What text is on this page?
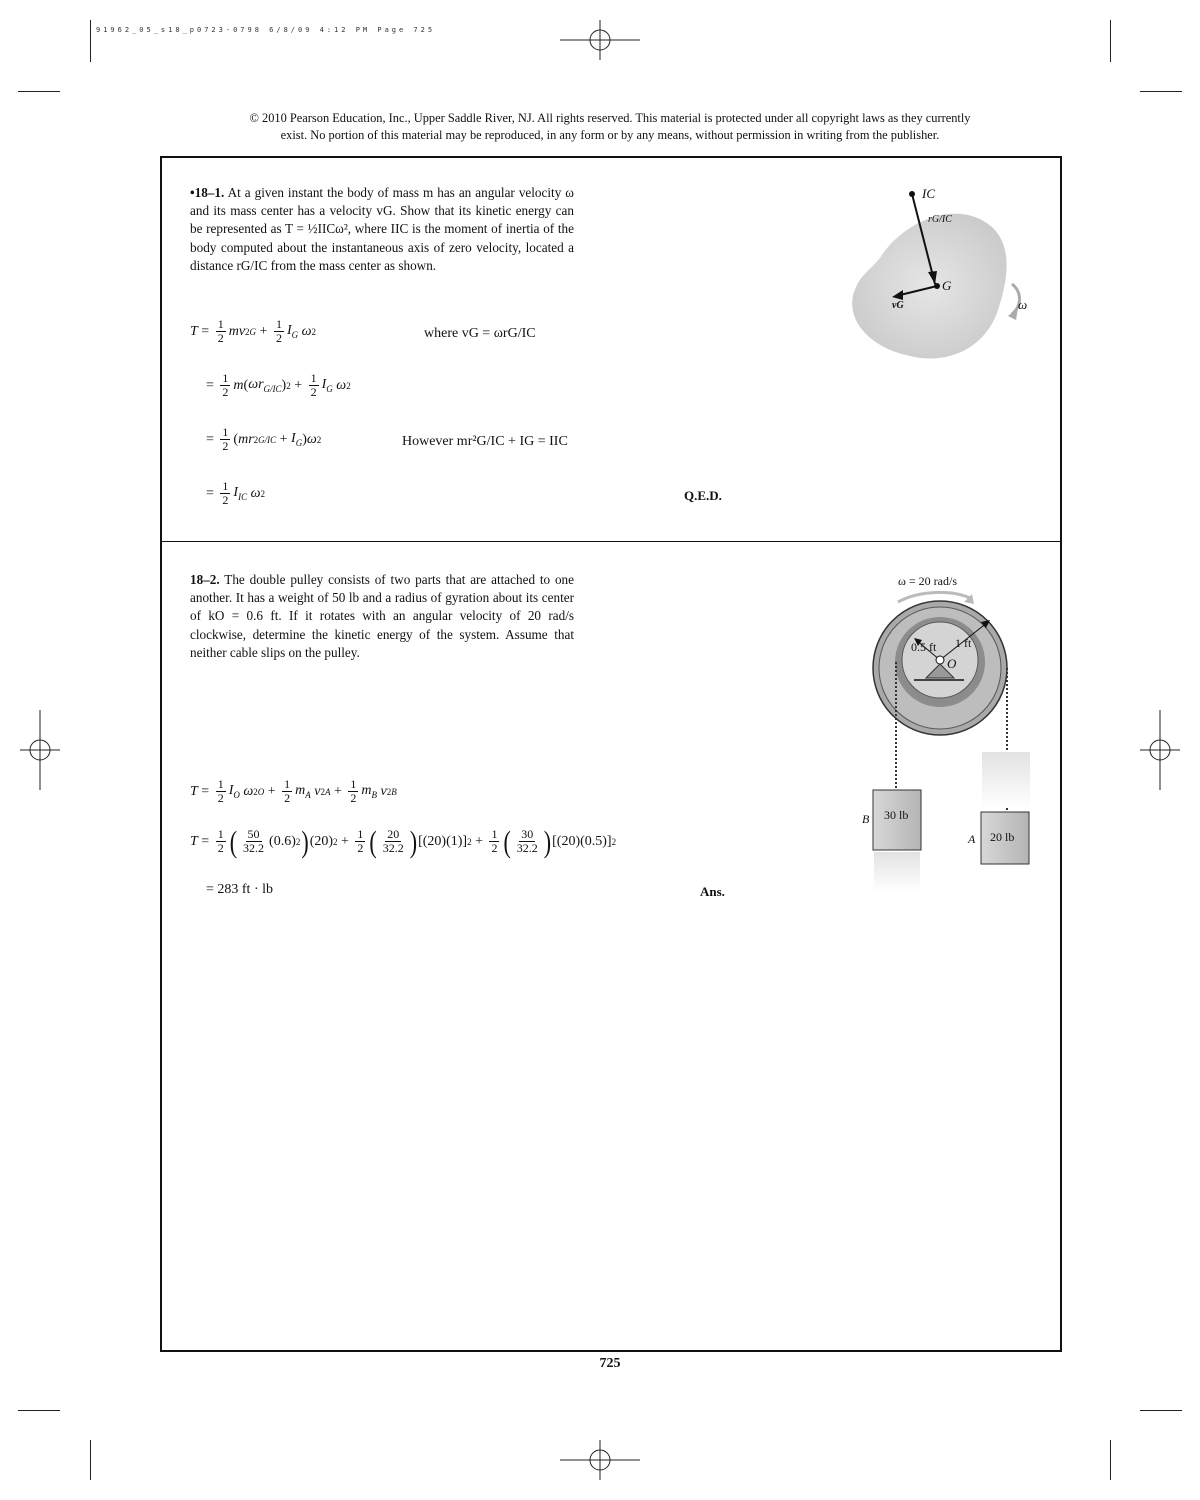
91962_05_s18_p0723-0798 6/8/09 4:12 PM Page 725
© 2010 Pearson Education, Inc., Upper Saddle River, NJ. All rights reserved. This material is protected under all copyright laws as they currently
exist. No portion of this material may be reproduced, in any form or by any means, without permission in writing from the publisher.
•18–1. At a given instant the body of mass m has an angular velocity ω and its mass center has a velocity vG. Show that its kinetic energy can be represented as T = ½IICω², where IIC is the moment of inertia of the body computed about the instantaneous axis of zero velocity, located a distance rG/IC from the mass center as shown.
$T = \frac{1}{2}$ mv 2 $G + \frac{1}{2} I_G$
ω 2	where vG = ωrG/IC
= $\frac{1}{2}$ m ( $\omega r_{G/IC}$ ) $2 + \frac{1}{2} I_G$
ω 2
= $\frac{1}{2}$ ( mr 2 $G/IC + I_G$ ) ω 2	However mr²G/IC + IG = IIC
= $\frac{1}{2} I_{IC}$
ω 2	Q.E.D.
IC
rG/IC
G
vG	ω
18–2. The double pulley consists of two parts that are attached to one another. It has a weight of 50 lb and a radius of gyration about its center of kO = 0.6 ft. If it rotates with an angular velocity of 20 rad/s clockwise, determine the kinetic energy of the system. Assume that neither cable slips on the pulley.
$T = \frac{1}{2} I_O$
ω 2 $O + \frac{1}{2} m_A$
v 2 $A + \frac{1}{2} m_B$
v 2 B
$T = \frac{1}{2}$ ( $\frac{50}{32.2} (0.6)$ 2 ) (20) $2 + \frac{1}{2}$ ( $\frac{20}{32.2}$ ) [(20)(1)] $2 + \frac{1}{2}$ ( $\frac{30}{32.2}$ ) [(20)(0.5)] 2
= 283 ft · lb	Ans.
ω = 20 rad/s
0.5 ft 1 ft
O
B 30 lb
A 20 lb
725
